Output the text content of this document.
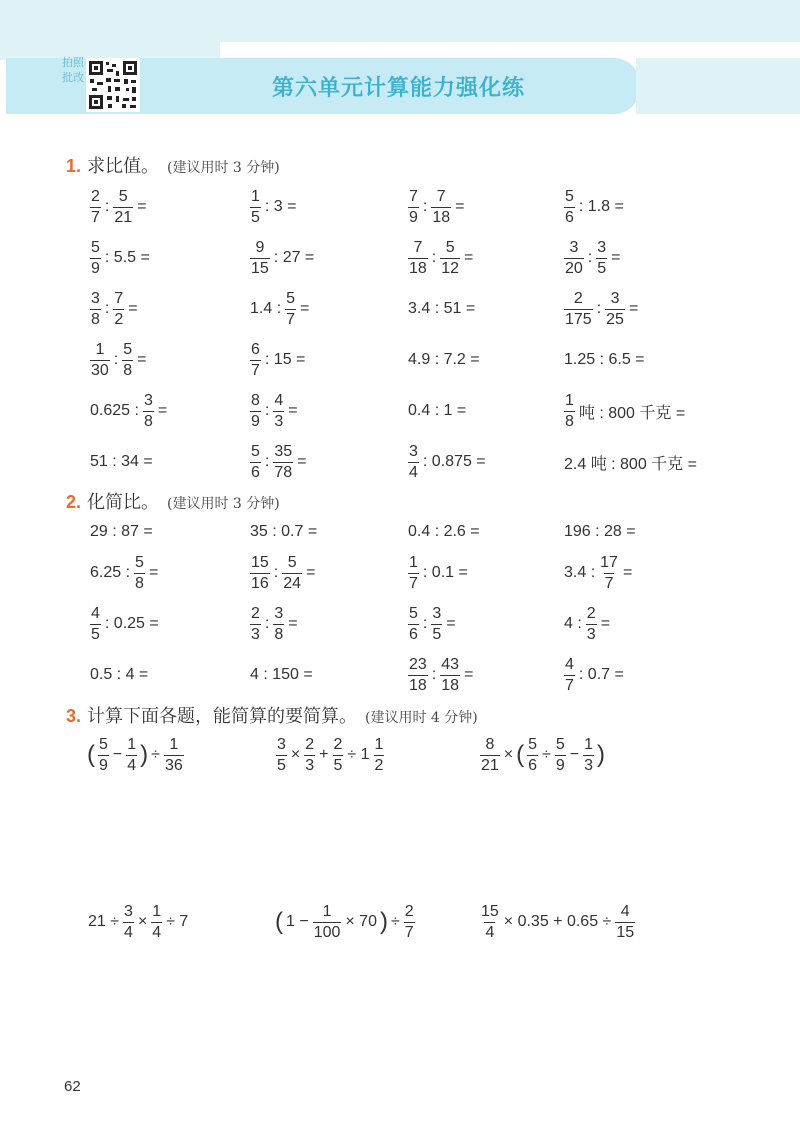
拍照批改	第六单元计算能力强化练
1. 求比值。 (建议用时 3 分钟)
2. 化简比。 (建议用时 3 分钟)
3. 计算下面各题，能简算的要简算。 (建议用时 4 分钟)
$\frac{2}{7}$ : $\frac{5}{21}$ =	$\frac{1}{5}$ : 3 =	$\frac{7}{9}$ : $\frac{7}{18}$ =	$\frac{5}{6}$ : 1.8 =
$\frac{5}{9}$ : 5.5 =	$\frac{9}{15}$ : 27 =	$\frac{7}{18}$ : $\frac{5}{12}$ =	$\frac{3}{20}$ : $\frac{3}{5}$ =
$\frac{3}{8}$ : $\frac{7}{2}$ =	1.4 : $\frac{5}{7}$ =	3.4 : 51 =	$\frac{2}{175}$ : $\frac{3}{25}$ =
$\frac{1}{30}$ : $\frac{5}{8}$ =	$\frac{6}{7}$ : 15 =	4.9 : 7.2 =	1.25 : 6.5 =
0.625 : $\frac{3}{8}$ =	$\frac{8}{9}$ : $\frac{4}{3}$ =	0.4 : 1 =	$\frac{1}{8}$ 吨 : 800 千克 =
51 : 34 =	$\frac{5}{6}$ : $\frac{35}{78}$ =	$\frac{3}{4}$ : 0.875 =	2.4 吨 : 800 千克 =
29 : 87 =	35 : 0.7 =	0.4 : 2.6 =	196 : 28 =
6.25 : $\frac{5}{8}$ =	$\frac{15}{16}$ : $\frac{5}{24}$ =	$\frac{1}{7}$ : 0.1 =	3.4 : $\frac{17}{7}$ =
$\frac{4}{5}$ : 0.25 =	$\frac{2}{3}$ : $\frac{3}{8}$ =	$\frac{5}{6}$ : $\frac{3}{5}$ =	4 : $\frac{2}{3}$ =
0.5 : 4 =	4 : 150 =	$\frac{23}{18}$ : $\frac{43}{18}$ =	$\frac{4}{7}$ : 0.7 =
( $\frac{5}{9} - \frac{1}{4}$ ) ÷ $\frac{1}{36}$	$\frac{3}{5} \times \frac{2}{3} + \frac{2}{5} \div 1 \frac{1}{2}$	$\frac{8}{21}$ × ( $\frac{5}{6} \div \frac{5}{9} - \frac{1}{3}$ )
$21 \div \frac{3}{4} \times \frac{1}{4} \div 7$	( $1 - \frac{1}{100} \times 70$ ) ÷ $\frac{2}{7}$	$\frac{15}{4} \times 0.35 + 0.65 \div \frac{4}{15}$
62
